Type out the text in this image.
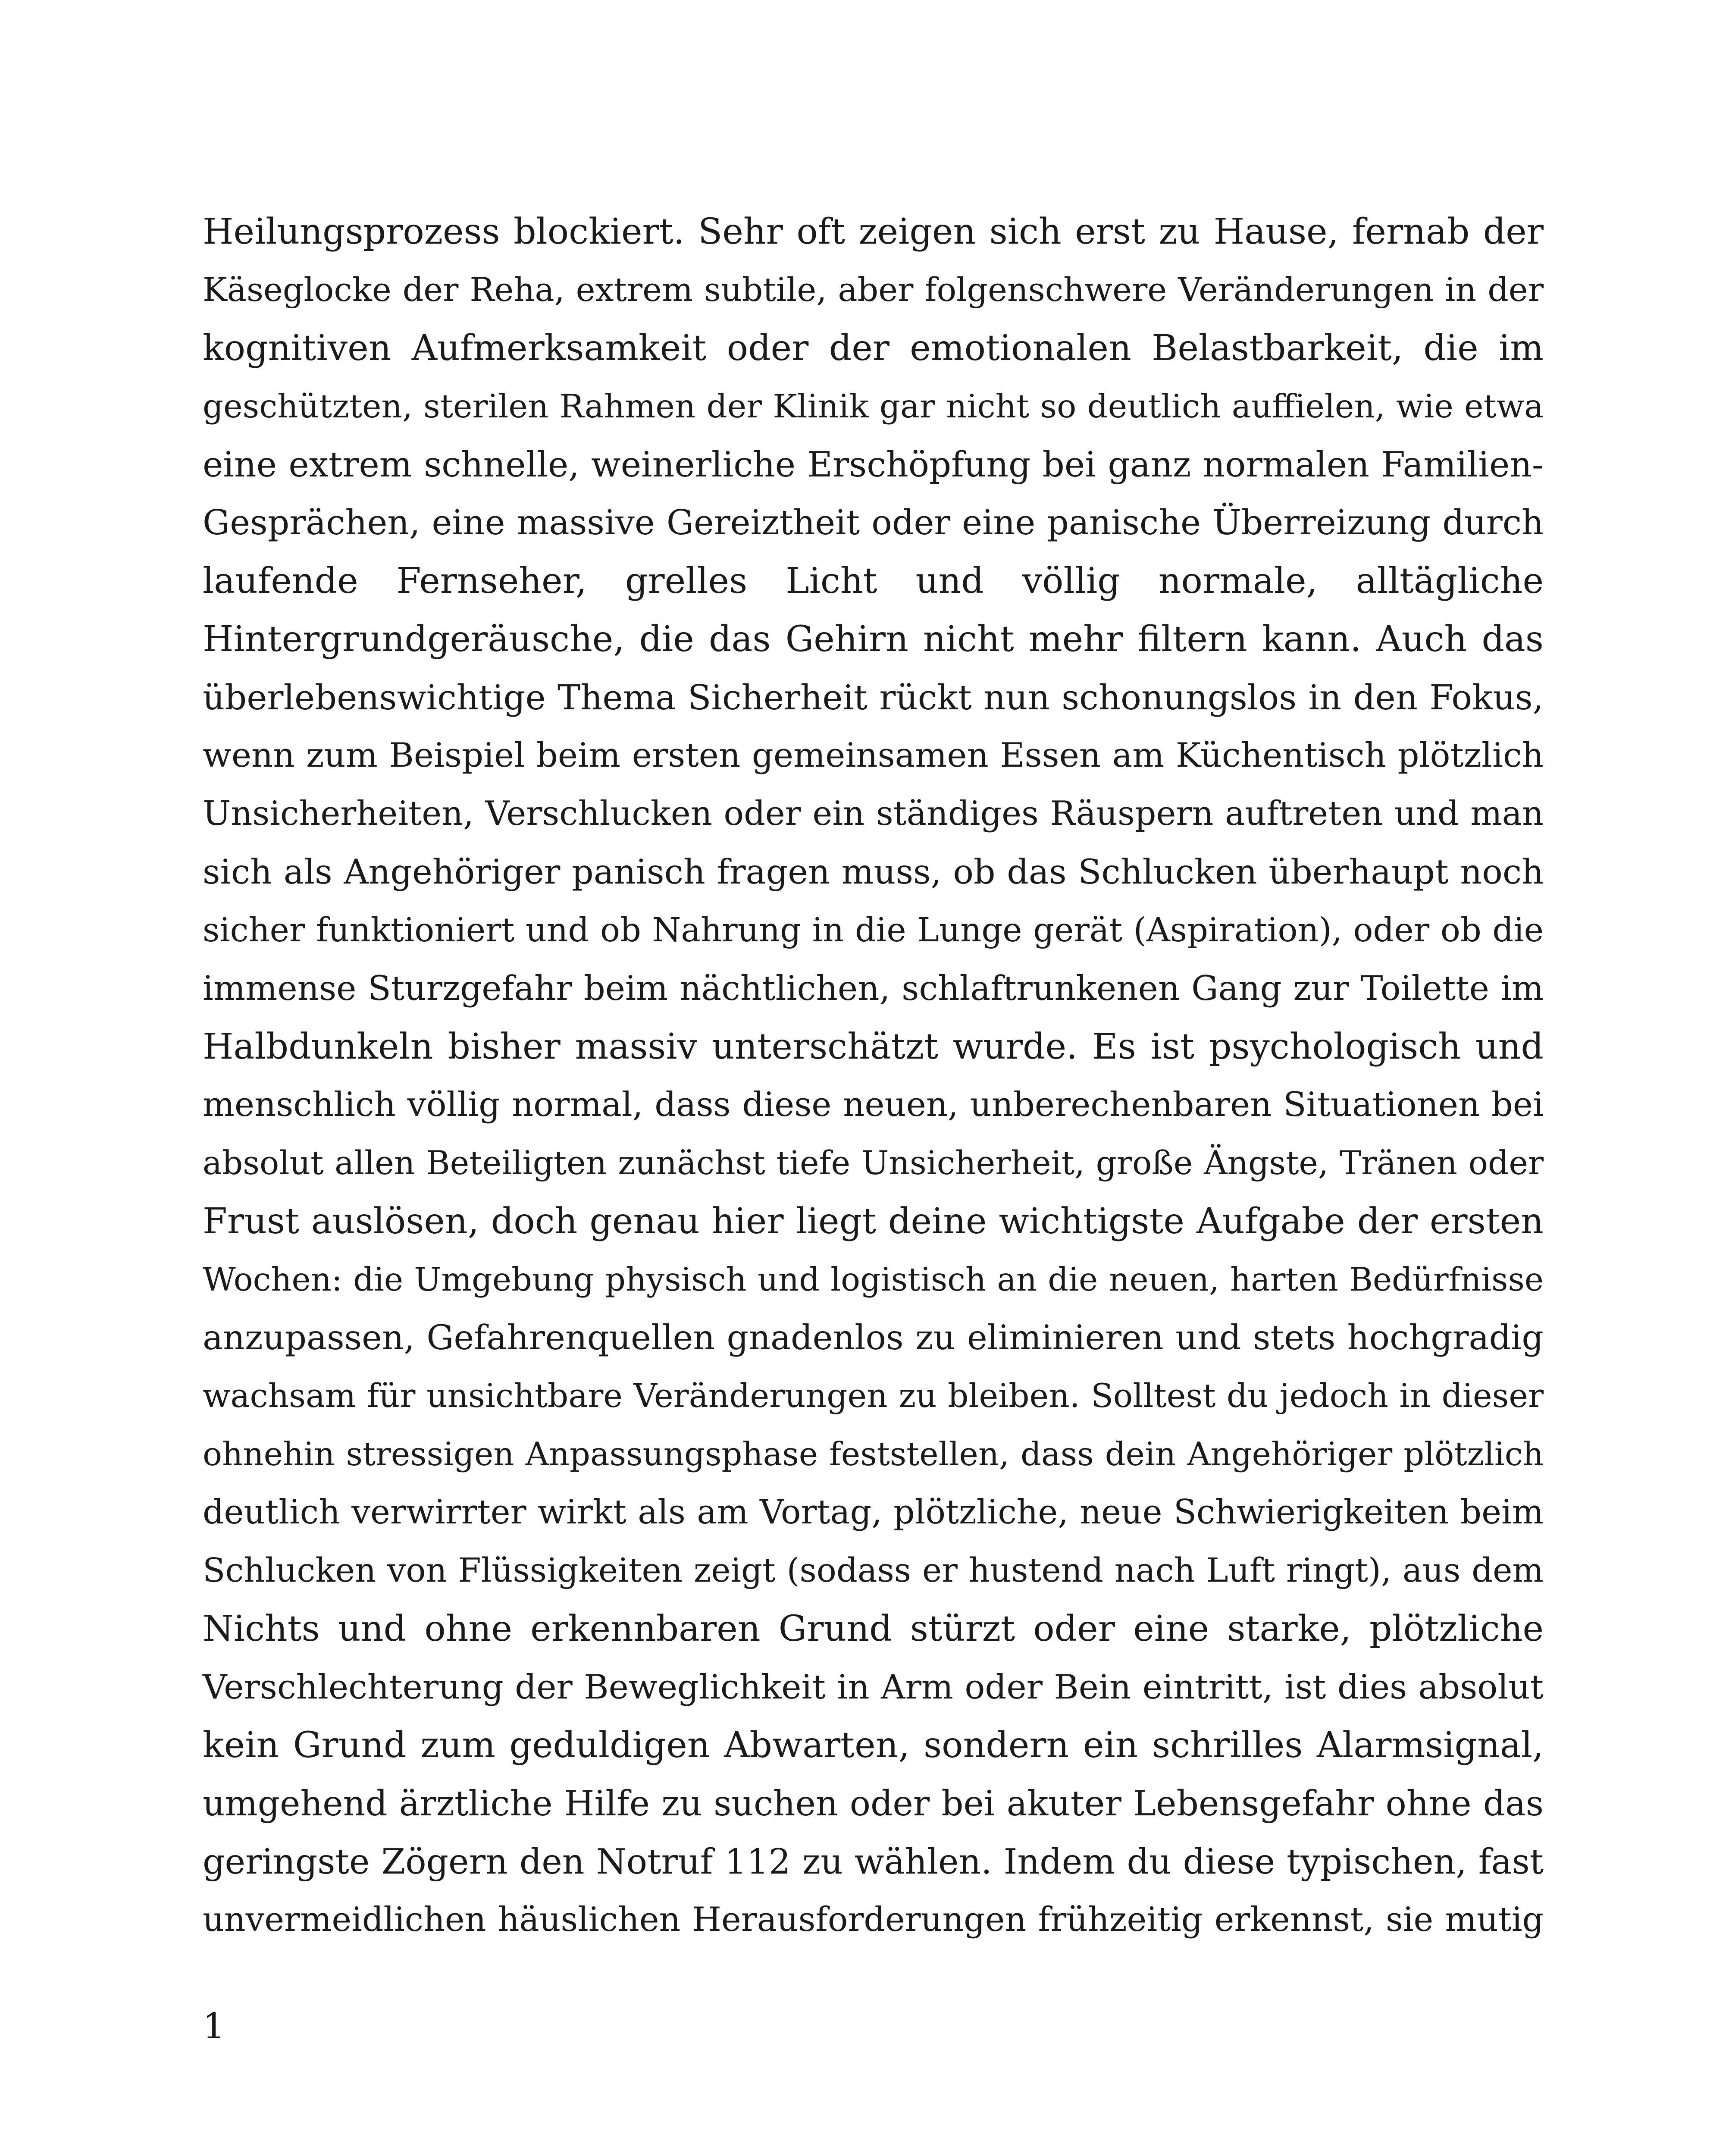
Heilungsprozess blockiert. Sehr oft zeigen sich erst zu Hause, fernab der
Käseglocke der Reha, extrem subtile, aber folgenschwere Veränderungen in der
kognitiven Aufmerksamkeit oder der emotionalen Belastbarkeit, die im
geschützten, sterilen Rahmen der Klinik gar nicht so deutlich auffielen, wie etwa
eine extrem schnelle, weinerliche Erschöpfung bei ganz normalen Familien-
Gesprächen, eine massive Gereiztheit oder eine panische Überreizung durch
laufende Fernseher, grelles Licht und völlig normale, alltägliche
Hintergrundgeräusche, die das Gehirn nicht mehr filtern kann. Auch das
überlebenswichtige Thema Sicherheit rückt nun schonungslos in den Fokus,
wenn zum Beispiel beim ersten gemeinsamen Essen am Küchentisch plötzlich
Unsicherheiten, Verschlucken oder ein ständiges Räuspern auftreten und man
sich als Angehöriger panisch fragen muss, ob das Schlucken überhaupt noch
sicher funktioniert und ob Nahrung in die Lunge gerät (Aspiration), oder ob die
immense Sturzgefahr beim nächtlichen, schlaftrunkenen Gang zur Toilette im
Halbdunkeln bisher massiv unterschätzt wurde. Es ist psychologisch und
menschlich völlig normal, dass diese neuen, unberechenbaren Situationen bei
absolut allen Beteiligten zunächst tiefe Unsicherheit, große Ängste, Tränen oder
Frust auslösen, doch genau hier liegt deine wichtigste Aufgabe der ersten
Wochen: die Umgebung physisch und logistisch an die neuen, harten Bedürfnisse
anzupassen, Gefahrenquellen gnadenlos zu eliminieren und stets hochgradig
wachsam für unsichtbare Veränderungen zu bleiben. Solltest du jedoch in dieser
ohnehin stressigen Anpassungsphase feststellen, dass dein Angehöriger plötzlich
deutlich verwirrter wirkt als am Vortag, plötzliche, neue Schwierigkeiten beim
Schlucken von Flüssigkeiten zeigt (sodass er hustend nach Luft ringt), aus dem
Nichts und ohne erkennbaren Grund stürzt oder eine starke, plötzliche
Verschlechterung der Beweglichkeit in Arm oder Bein eintritt, ist dies absolut
kein Grund zum geduldigen Abwarten, sondern ein schrilles Alarmsignal,
umgehend ärztliche Hilfe zu suchen oder bei akuter Lebensgefahr ohne das
geringste Zögern den Notruf 112 zu wählen. Indem du diese typischen, fast
unvermeidlichen häuslichen Herausforderungen frühzeitig erkennst, sie mutig
1
